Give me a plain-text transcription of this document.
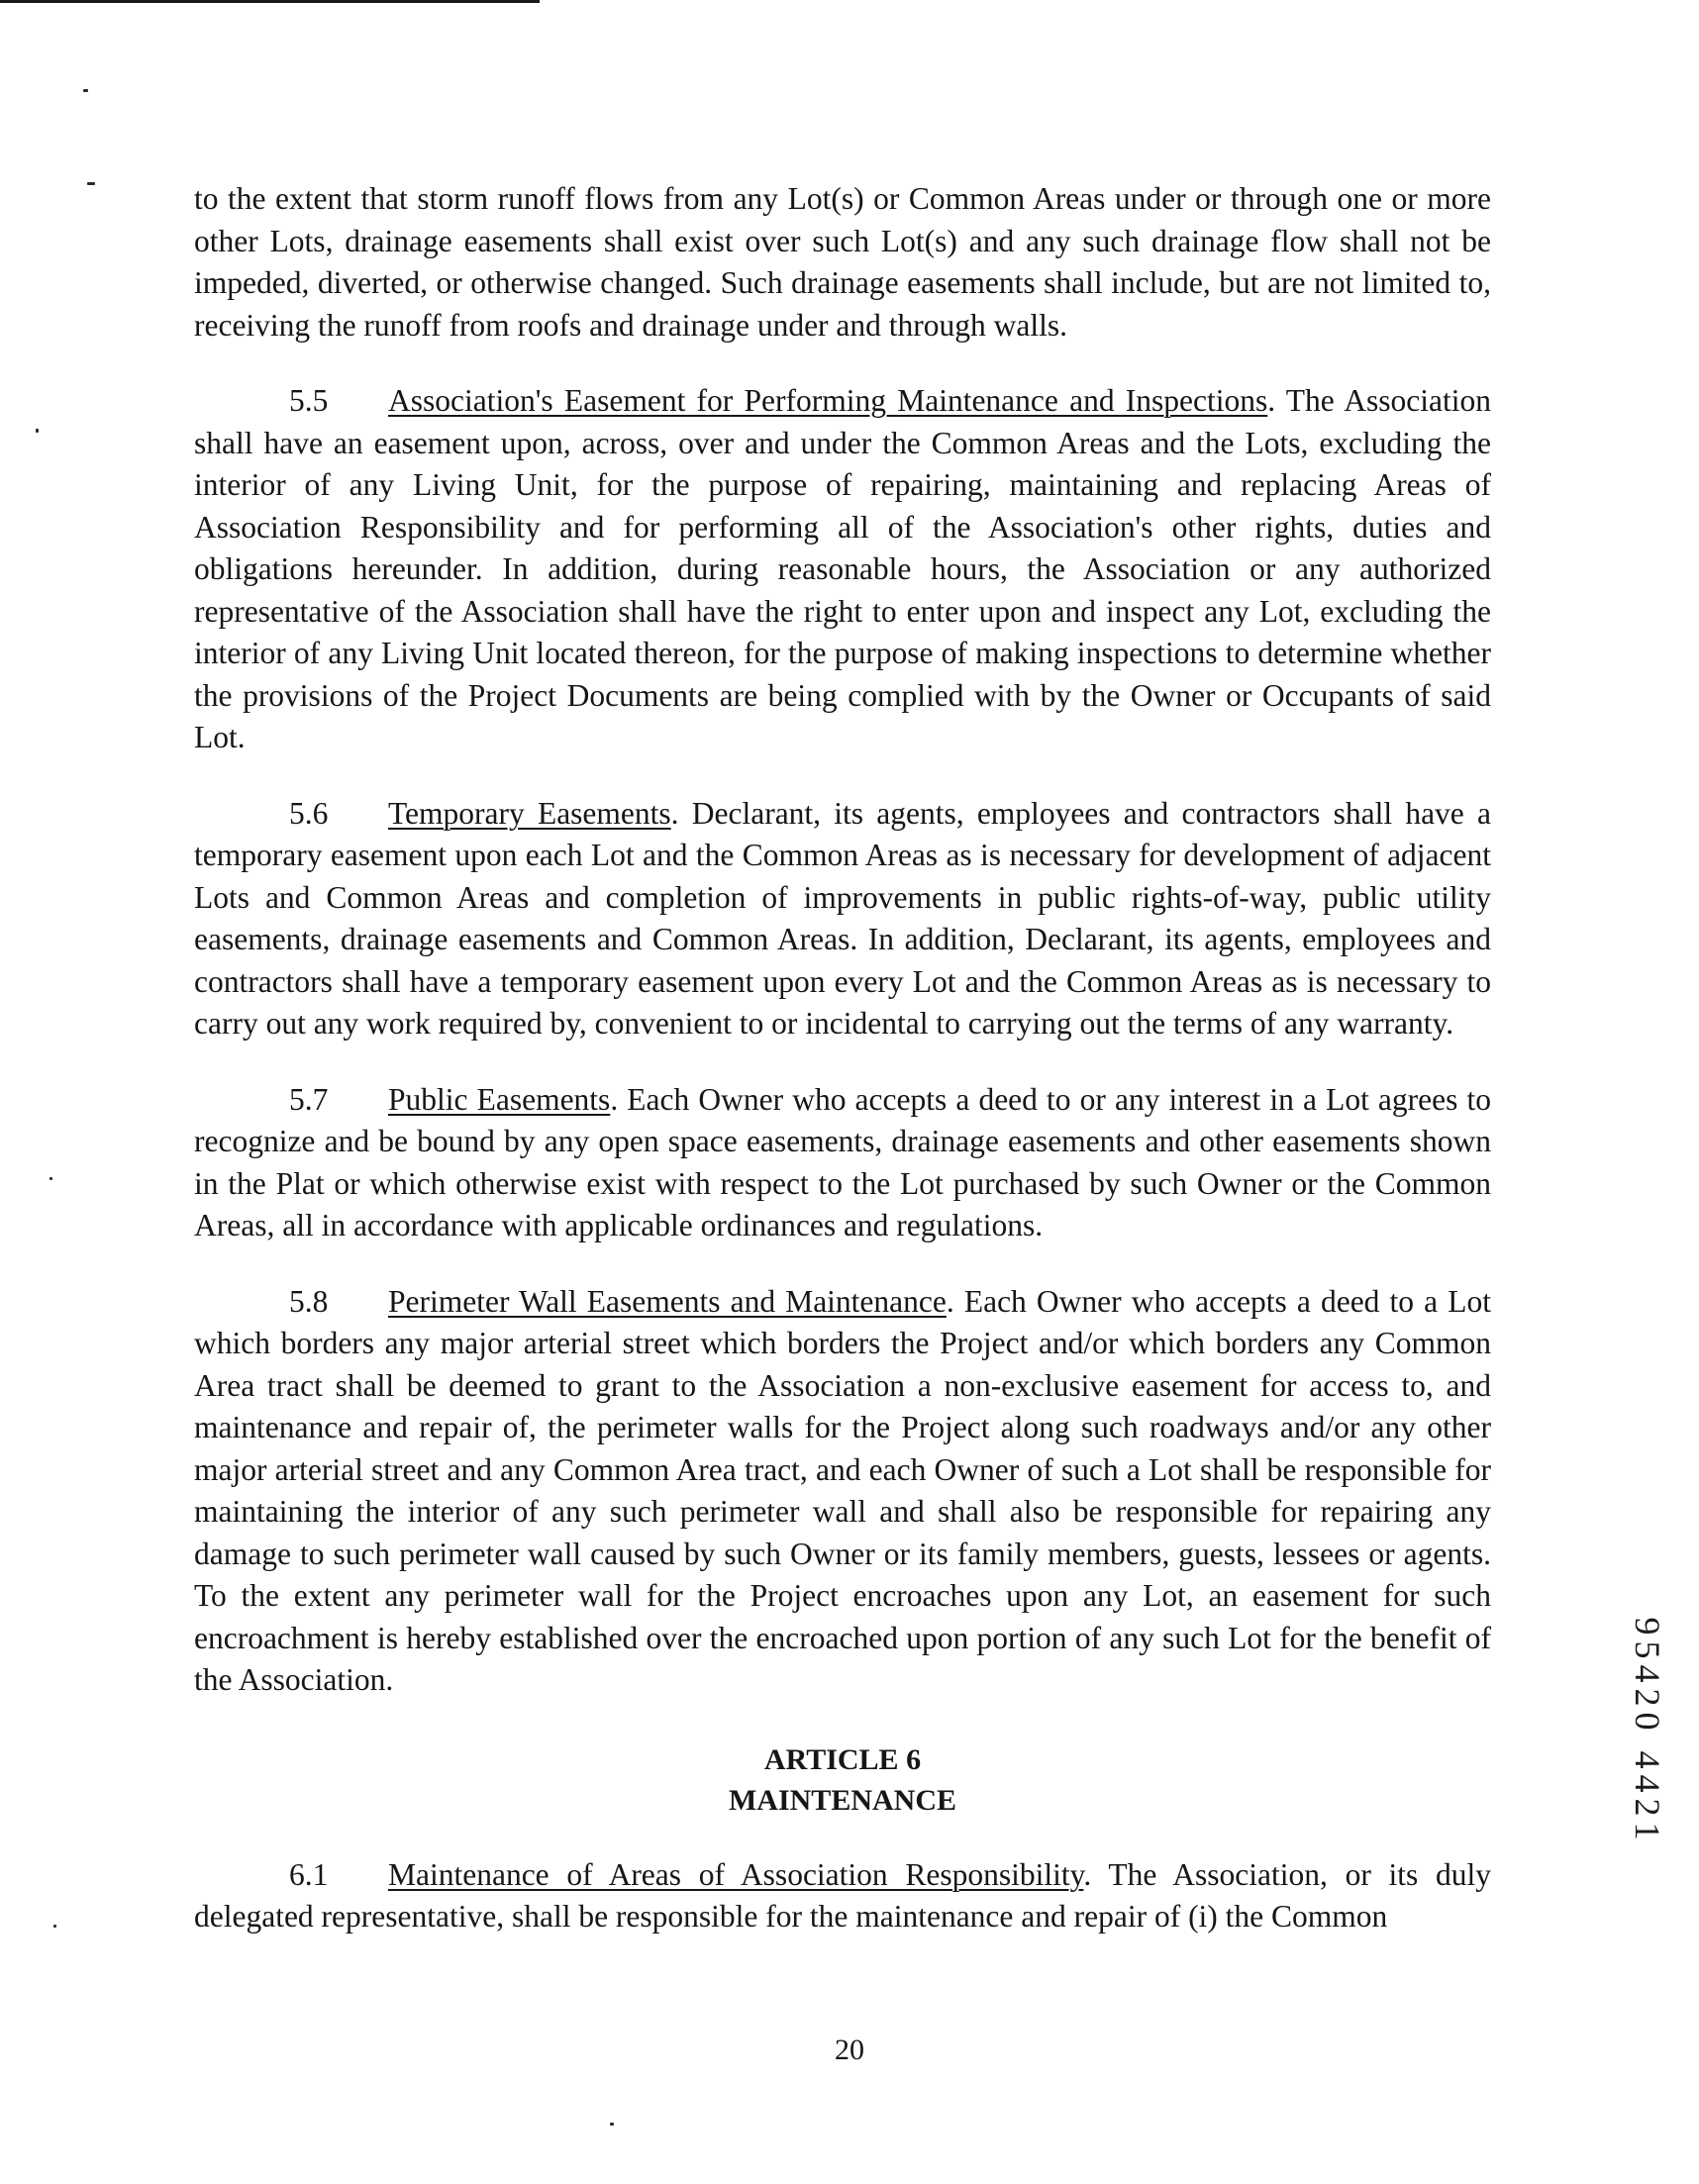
to the extent that storm runoff flows from any Lot(s) or Common Areas under or through one or more other Lots, drainage easements shall exist over such Lot(s) and any such drainage flow shall not be impeded, diverted, or otherwise changed. Such drainage easements shall include, but are not limited to, receiving the runoff from roofs and drainage under and through walls.

5.5 Association's Easement for Performing Maintenance and Inspections. The Association shall have an easement upon, across, over and under the Common Areas and the Lots, excluding the interior of any Living Unit, for the purpose of repairing, maintaining and replacing Areas of Association Responsibility and for performing all of the Association's other rights, duties and obligations hereunder. In addition, during reasonable hours, the Association or any authorized representative of the Association shall have the right to enter upon and inspect any Lot, excluding the interior of any Living Unit located thereon, for the purpose of making inspections to determine whether the provisions of the Project Documents are being complied with by the Owner or Occupants of said Lot.

5.6 Temporary Easements. Declarant, its agents, employees and contractors shall have a temporary easement upon each Lot and the Common Areas as is necessary for development of adjacent Lots and Common Areas and completion of improvements in public rights-of-way, public utility easements, drainage easements and Common Areas. In addition, Declarant, its agents, employees and contractors shall have a temporary easement upon every Lot and the Common Areas as is necessary to carry out any work required by, convenient to or incidental to carrying out the terms of any warranty.

5.7 Public Easements. Each Owner who accepts a deed to or any interest in a Lot agrees to recognize and be bound by any open space easements, drainage easements and other easements shown in the Plat or which otherwise exist with respect to the Lot purchased by such Owner or the Common Areas, all in accordance with applicable ordinances and regulations.

5.8 Perimeter Wall Easements and Maintenance. Each Owner who accepts a deed to a Lot which borders any major arterial street which borders the Project and/or which borders any Common Area tract shall be deemed to grant to the Association a non-exclusive easement for access to, and maintenance and repair of, the perimeter walls for the Project along such roadways and/or any other major arterial street and any Common Area tract, and each Owner of such a Lot shall be responsible for maintaining the interior of any such perimeter wall and shall also be responsible for repairing any damage to such perimeter wall caused by such Owner or its family members, guests, lessees or agents. To the extent any perimeter wall for the Project encroaches upon any Lot, an easement for such encroachment is hereby established over the encroached upon portion of any such Lot for the benefit of the Association.

ARTICLE 6
MAINTENANCE

6.1 Maintenance of Areas of Association Responsibility. The Association, or its duly delegated representative, shall be responsible for the maintenance and repair of (i) the Common

95420 4421
20
